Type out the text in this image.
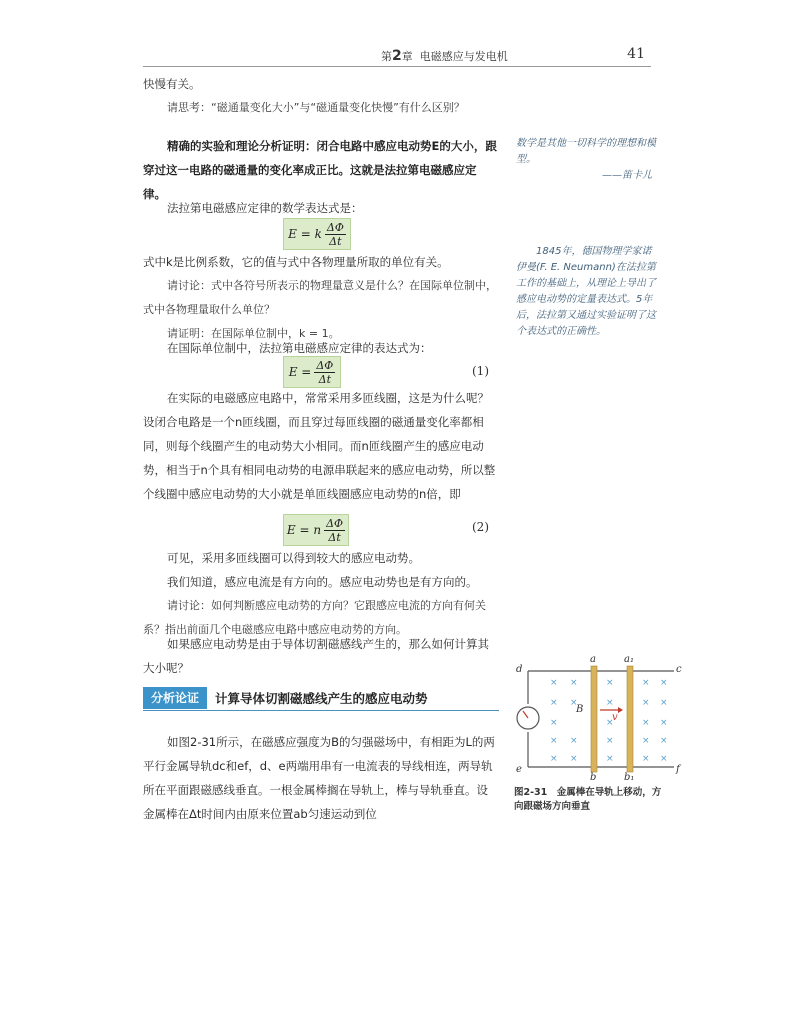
第2章 电磁感应与发电机	41

快慢有关。

请思考：“磁通量变化大小”与“磁通量变化快慢”有什么区别？

精确的实验和理论分析证明：闭合电路中感应电动势E的大小，跟穿过这一电路的磁通量的变化率成正比。这就是法拉第电磁感应定律。

法拉第电磁感应定律的数学表达式是：

E = k $\frac{\Delta\Phi}{\Delta t}$

式中k是比例系数，它的值与式中各物理量所取的单位有关。

请讨论：式中各符号所表示的物理量意义是什么？在国际单位制中，式中各物理量取什么单位？

请证明：在国际单位制中，k = 1。

在国际单位制中，法拉第电磁感应定律的表达式为：

$E = \frac{\Delta\Phi}{\Delta t}$	(1)

在实际的电磁感应电路中，常常采用多匝线圈，这是为什么呢？设闭合电路是一个n匝线圈，而且穿过每匝线圈的磁通量变化率都相同，则每个线圈产生的电动势大小相同。而n匝线圈产生的感应电动势，相当于n个具有相同电动势的电源串联起来的感应电动势，所以整个线圈中感应电动势的大小就是单匝线圈感应电动势的n倍，即

E = n $\frac{\Delta\Phi}{\Delta t}$	(2)

可见，采用多匝线圈可以得到较大的感应电动势。

我们知道，感应电流是有方向的。感应电动势也是有方向的。

请讨论：如何判断感应电动势的方向？它跟感应电流的方向有何关系？指出前面几个电磁感应电路中感应电动势的方向。

如果感应电动势是由于导体切割磁感线产生的，那么如何计算其大小呢？

分析论证	计算导体切割磁感线产生的感应电动势

如图2-31所示，在磁感应强度为B的匀强磁场中，有相距为L的两平行金属导轨dc和ef，d、e两端用串有一电流表的导线相连，两导轨所在平面跟磁感线垂直。一根金属棒搁在导轨上，棒与导轨垂直。设金属棒在Δt时间内由原来位置ab匀速运动到位

数学是其他一切科学的理想和模型。
——笛卡儿
1845年，德国物理学家诺伊曼(F. E. Neumann)在法拉第工作的基础上，从理论上导出了感应电动势的定量表达式。5年后，法拉第又通过实验证明了这个表达式的正确性。
× ×	×	× ×
× ×	×	× ×
×	×	× ×
× ×	×	× ×
× ×	×	× ×
d
e
a	a₁
c
f
b	b₁
B
v
图2-31　金属棒在导轨上移动，方向跟磁场方向垂直
